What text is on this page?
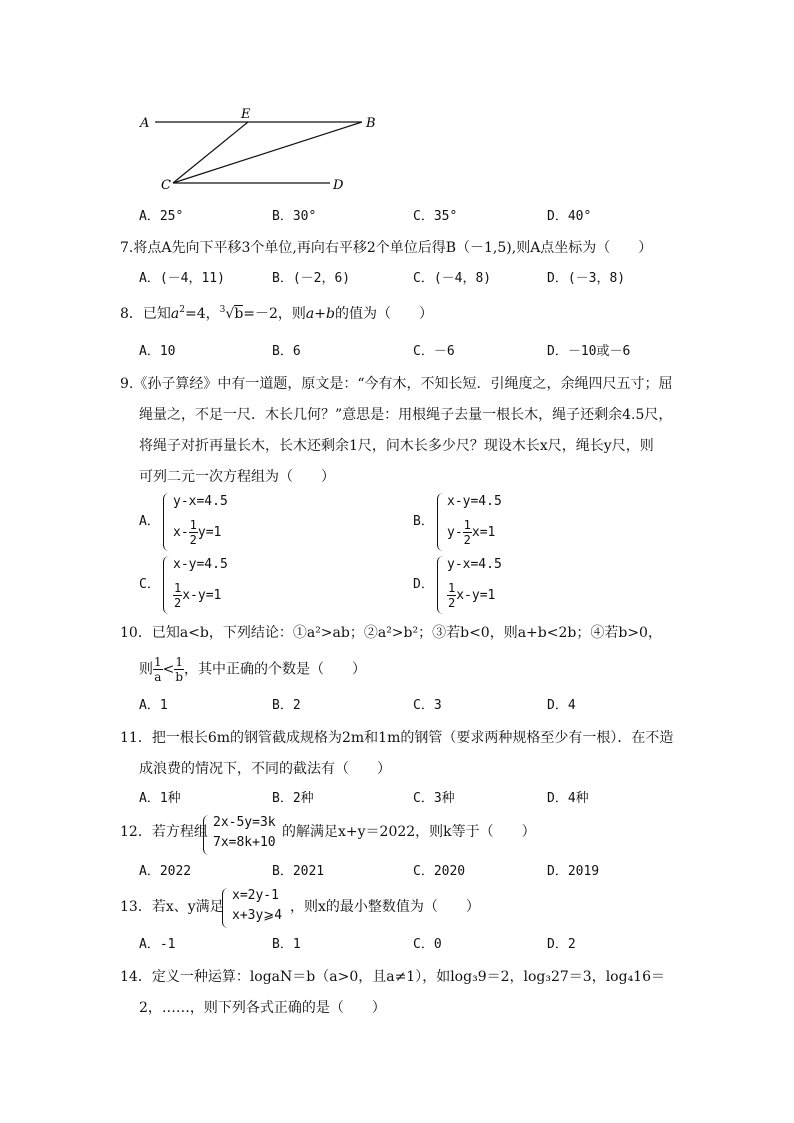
A
E
B
C	D
A．25°	B．30°	C．35°	D．40°
7.将点A先向下平移3个单位,再向右平移2个单位后得B（－1,5),则A点坐标为（　　）
A．(－4，11)	B．(－2，6)	C．(－4，8)	D．(－3，8)
8．已知$a^2=4$，$^3$√b=－2，则a+b的值为（　　）
A．10	B．6	C．－6	D．－10或－6
9.《孙子算经》中有一道题，原文是：“今有木，不知长短．引绳度之，余绳四尺五寸；屈
绳量之，不足一尺．木长几何？”意思是：用根绳子去量一根长木，绳子还剩余4.5尺，
将绳子对折再量长木，长木还剩余1尺，问木长多少尺？现设木长x尺，绳长y尺，则
可列二元一次方程组为（　　）
A．
y-x=4.5
$x- \frac{1}{2} y=1$
B．
x-y=4.5
$y- \frac{1}{2} x=1$
C．
x-y=4.5
$\frac{1}{2} x-y=1$
D．
y-x=4.5
$\frac{1}{2} x-y=1$
10．已知a<b，下列结论：①a²>ab；②a²>b²；③若b<0，则a+b<2b；④若b>0，
则 $\frac{1}{a} < \frac{1}{b}$ ，其中正确的个数是（　　）
A．1	B．2	C．3	D．4
11．把一根长6m的钢管截成规格为2m和1m的钢管（要求两种规格至少有一根）．在不造
成浪费的情况下，不同的截法有（　　）
A．1种	B．2种	C．3种	D．4种
12．若方程组
2x-5y=3k
7x=8k+10
的解满足x+y＝2022，则k等于（　　）
A．2022	B．2021	C．2020	D．2019
13．若x、y满足
x=2y-1
x+3y⩾4
，则x的最小整数值为（　　）
A．-1	B．1	C．0	D．2
14．定义一种运算：logaN＝b（a>0，且a≠1），如log₃9＝2，log₃27＝3，log₄16＝
2，……，则下列各式正确的是（　　）
